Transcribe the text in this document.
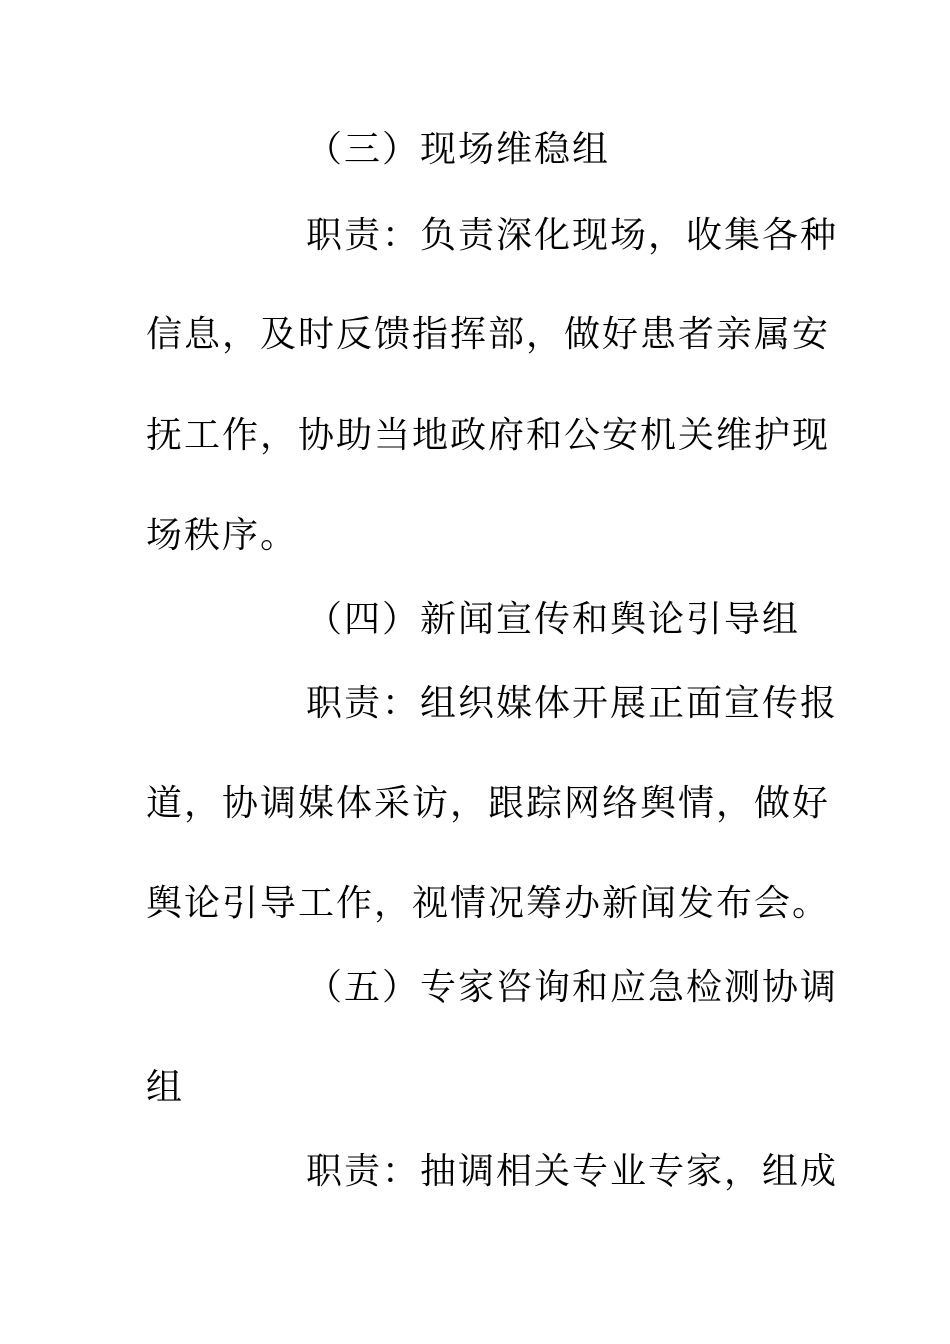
（三）现场维稳组
职责：负责深化现场，收集各种
信息，及时反馈指挥部，做好患者亲属安
抚工作，协助当地政府和公安机关维护现
场秩序。
（四）新闻宣传和舆论引导组
职责：组织媒体开展正面宣传报
道，协调媒体采访，跟踪网络舆情，做好
舆论引导工作，视情况筹办新闻发布会。
（五）专家咨询和应急检测协调
组
职责：抽调相关专业专家，组成
